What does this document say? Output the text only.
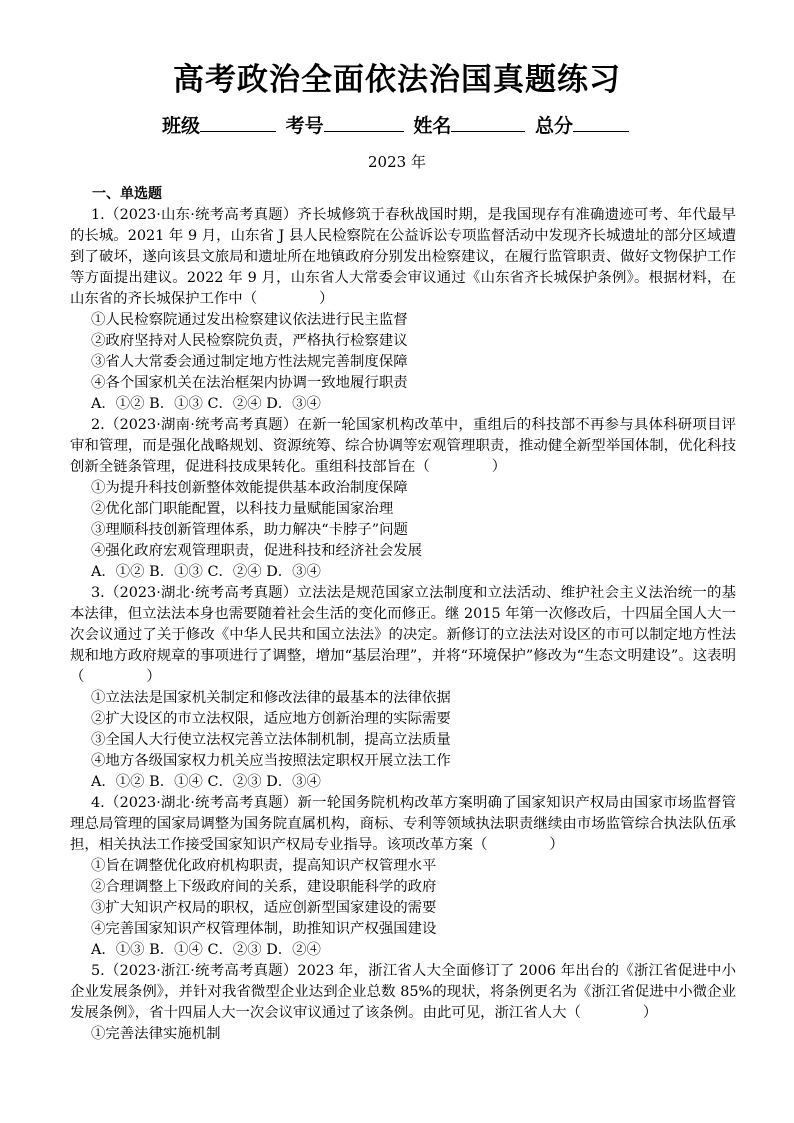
高考政治全面依法治国真题练习
班级	考号	姓名	总分
2023 年
一、单选题

1.（2023·山东·统考高考真题）齐长城修筑于春秋战国时期，是我国现存有准确遗迹可考、年代最早的长城。2021 年 9 月，山东省 J 县人民检察院在公益诉讼专项监督活动中发现齐长城遗址的部分区域遭到了破坏，遂向该县文旅局和遗址所在地镇政府分别发出检察建议，在履行监管职责、做好文物保护工作等方面提出建议。2022 年 9 月，山东省人大常委会审议通过《山东省齐长城保护条例》。根据材料，在山东省的齐长城保护工作中（	）

①人民检察院通过发出检察建议依法进行民主监督

②政府坚持对人民检察院负责，严格执行检察建议

③省人大常委会通过制定地方性法规完善制度保障

④各个国家机关在法治框架内协调一致地履行职责

A．①② B．①③ C．②④ D．③④

2.（2023·湖南·统考高考真题）在新一轮国家机构改革中，重组后的科技部不再参与具体科研项目评审和管理，而是强化战略规划、资源统筹、综合协调等宏观管理职责，推动健全新型举国体制，优化科技创新全链条管理，促进科技成果转化。重组科技部旨在（	）

①为提升科技创新整体效能提供基本政治制度保障

②优化部门职能配置，以科技力量赋能国家治理

③理顺科技创新管理体系，助力解决“卡脖子”问题

④强化政府宏观管理职责，促进科技和经济社会发展

A．①② B．①③ C．②④ D．③④

3.（2023·湖北·统考高考真题）立法法是规范国家立法制度和立法活动、维护社会主义法治统一的基本法律，但立法法本身也需要随着社会生活的变化而修正。继 2015 年第一次修改后，十四届全国人大一次会议通过了关于修改《中华人民共和国立法法》的决定。新修订的立法法对设区的市可以制定地方性法规和地方政府规章的事项进行了调整，增加“基层治理”，并将“环境保护”修改为“生态文明建设”。这表明（	）

①立法法是国家机关制定和修改法律的最基本的法律依据

②扩大设区的市立法权限，适应地方创新治理的实际需要

③全国人大行使立法权完善立法体制机制，提高立法质量

④地方各级国家权力机关应当按照法定职权开展立法工作

A．①② B．①④ C．②③ D．③④

4.（2023·湖北·统考高考真题）新一轮国务院机构改革方案明确了国家知识产权局由国家市场监督管理总局管理的国家局调整为国务院直属机构，商标、专利等领域执法职责继续由市场监管综合执法队伍承担，相关执法工作接受国家知识产权局专业指导。该项改革方案（	）

①旨在调整优化政府机构职责，提高知识产权管理水平

②合理调整上下级政府间的关系，建设职能科学的政府

③扩大知识产权局的职权，适应创新型国家建设的需要

④完善国家知识产权管理体制，助推知识产权强国建设

A．①③ B．①④ C．②③ D．②④

5.（2023·浙江·统考高考真题）2023 年，浙江省人大全面修订了 2006 年出台的《浙江省促进中小企业发展条例》，并针对我省微型企业达到企业总数 85%的现状，将条例更名为《浙江省促进中小微企业发展条例》，省十四届人大一次会议审议通过了该条例。由此可见，浙江省人大（	）

①完善法律实施机制
